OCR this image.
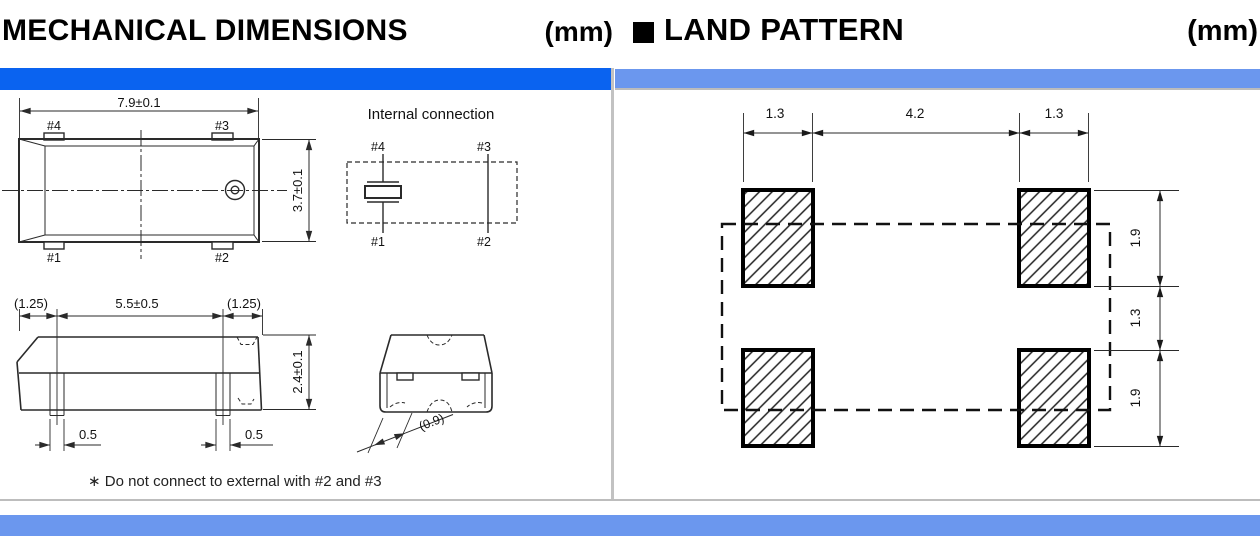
MECHANICAL DIMENSIONS	(mm) LAND PATTERN	(mm)
7.9±0.1
#4	#3
#1	#2
3.7±0.1
Internal connection
#4	#3
#1	#2
(1.25)	5.5±0.5	(1.25)
2.4±0.1
0.5	0.5
(0.9)
∗ Do not connect to external with #2 and #3
1.3	4.2	1.3
1.9
1.3
1.9
